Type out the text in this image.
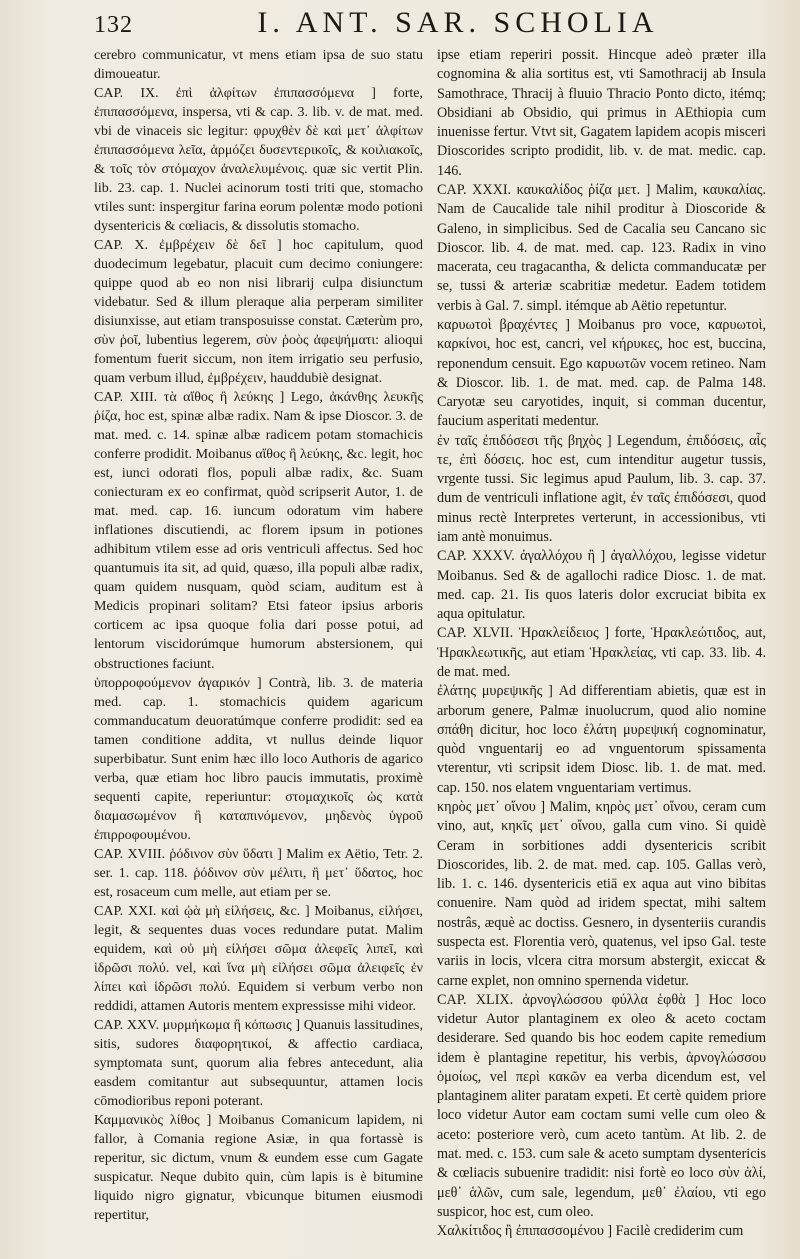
132	I. ANT. SAR. SCHOLIA

cerebro communicatur, vt mens etiam ipsa de suo statu dimoueatur.

CAP. IX. ἐπὶ ἀλφίτων ἐπιπασσόμενα ] forte, ἐπιπασσόμενα, inspersa, vti & cap. 3. lib. v. de mat. med. vbi de vinaceis sic legitur: φρυχθὲν δὲ καὶ μετ᾽ ἀλφίτων ἐπιπασσόμενα λεῖα, ἁρμόζει δυσεντερικοῖς, & κοιλιακοῖς, & τοῖς τὸν στόμαχον ἀναλελυμένοις. quæ sic vertit Plin. lib. 23. cap. 1. Nuclei acinorum tosti triti que, stomacho vtiles sunt: inspergitur farina eorum polentæ modo potioni dysentericis & cœliacis, & dissolutis stomacho.

CAP. X. ἐμβρέχειν δὲ δεῖ ] hoc capitulum, quod duodecimum legebatur, placuit cum decimo coniungere: quippe quod ab eo non nisi librarij culpa disiunctum videbatur. Sed & illum pleraque alia perperam similiter disiunxisse, aut etiam transposuisse constat. Cæterùm pro, σὺν ῥοῖ, lubentius legerem, σὺν ῥοὸς ἀφεψήματι: alioqui fomentum fuerit siccum, non item irrigatio seu perfusio, quam verbum illud, ἐμβρέχειν, hauddubiè designat.

CAP. XIII. τὰ αἴθος ἢ λεύκης ] Lego, ἀκάνθης λευκῆς ῥίζα, hoc est, spinæ albæ radix. Nam & ipse Dioscor. 3. de mat. med. c. 14. spinæ albæ radicem potam stomachicis conferre prodidit. Moibanus αἴθος ἢ λεύκης, &c. legit, hoc est, iunci odorati flos, populi albæ radix, &c. Suam coniecturam ex eo confirmat, quòd scripserit Autor, 1. de mat. med. cap. 16. iuncum odoratum vim habere inflationes discutiendi, ac florem ipsum in potiones adhibitum vtilem esse ad oris ventriculi affectus. Sed hoc quantumuis ita sit, ad quid, quæso, illa populi albæ radix, quam quidem nusquam, quòd sciam, auditum est à Medicis propinari solitam? Etsi fateor ipsius arboris corticem ac ipsa quoque folia dari posse potui, ad lentorum viscidorúmque humorum abstersionem, qui obstructiones faciunt.

ὑπορροφούμενον ἀγαρικόν ] Contrà, lib. 3. de materia med. cap. 1. stomachicis quidem agaricum commanducatum deuoratúmque conferre prodidit: sed ea tamen conditione addita, vt nullus deinde liquor superbibatur. Sunt enim hæc illo loco Authoris de agarico verba, quæ etiam hoc libro paucis immutatis, proximè sequenti capite, reperiuntur: στομαχικοῖς ὡς κατὰ διαμασωμένον ἢ καταπινόμενον, μηδενὸς ὑγροῦ ἐπιρροφουμένου.

CAP. XVIII. ῥόδινον σὺν ὕδατι ] Malim ex Aëtio, Tetr. 2. ser. 1. cap. 118. ῥόδινον σὺν μέλιτι, ἢ μετ᾽ ὕδατος, hoc est, rosaceum cum melle, aut etiam per se.

CAP. XXI. καὶ ᾠὰ μὴ εἰλήσεις, &c. ] Moibanus, εἰλήσει, legit, & sequentes duas voces redundare putat. Malim equidem, καὶ οὐ μὴ εἰλήσει σῶμα ἀλεφεῖς λιπεῖ, καὶ ἱδρῶσι πολύ. vel, καὶ ἵνα μὴ εἰλήσει σῶμα ἀλειφεῖς ἐν λίπει καὶ ἱδρῶσι πολύ. Equidem si verbum verbo non reddidi, attamen Autoris mentem expressisse mihi videor.

CAP. XXV. μυρμήκωμα ἢ κόπωσις ] Quanuis lassitudines, sitis, sudores διαφορητικοί, & affectio cardiaca, symptomata sunt, quorum alia febres antecedunt, alia easdem comitantur aut subsequuntur, attamen locis cōmodioribus reponi poterant.

Καμμανικὸς λίθος ] Moibanus Comanicum lapidem, ni fallor, à Comania regione Asiæ, in qua fortassè is reperitur, sic dictum, vnum & eundem esse cum Gagate suspicatur. Neque dubito quin, cùm lapis is è bitumine liquido nigro gignatur, vbicunque bitumen eiusmodi repertitur,

ipse etiam reperiri possit. Hincque adeò præter illa cognomina & alia sortitus est, vti Samothracij ab Insula Samothrace, Thracij à fluuio Thracio Ponto dicto, itémq; Obsidiani ab Obsidio, qui primus in AEthiopia cum inuenisse fertur. Vtvt sit, Gagatem lapidem acopis misceri Dioscorides scripto prodidit, lib. v. de mat. medic. cap. 146.

CAP. XXXI. καυκαλίδος ῥίζα μετ. ] Malim, καυκαλίας. Nam de Caucalide tale nihil proditur à Dioscoride & Galeno, in simplicibus. Sed de Cacalia seu Cancano sic Dioscor. lib. 4. de mat. med. cap. 123. Radix in vino macerata, ceu tragacantha, & delicta commanducatæ per se, tussi & arteriæ scabritiæ medetur. Eadem totidem verbis à Gal. 7. simpl. itémque ab Aëtio repetuntur.

καρυωτοὶ βραχέντες ] Moibanus pro voce, καρυωτοὶ, καρκίνοι, hoc est, cancri, vel κήρυκες, hoc est, buccina, reponendum censuit. Ego καρυωτῶν vocem retineo. Nam & Dioscor. lib. 1. de mat. med. cap. de Palma 148. Caryotæ seu caryotides, inquit, si comman ducentur, faucium asperitati medentur.

ἐν ταῖς ἐπιδόσεσι τῆς βηχὸς ] Legendum, ἐπιδόσεις, αἷς τε, ἐπὶ δόσεις. hoc est, cum intenditur augetur tussis, vrgente tussi. Sic legimus apud Paulum, lib. 3. cap. 37. dum de ventriculi inflatione agit, ἐν ταῖς ἐπιδόσεσι, quod minus rectè Interpretes verterunt, in accessionibus, vti iam antè monuimus.

CAP. XXXV. ἀγαλλόχου ἢ ] ἀγαλλόχου, legisse videtur Moibanus. Sed & de agallochi radice Diosc. 1. de mat. med. cap. 21. Iis quos lateris dolor excruciat bibita ex aqua opitulatur.

CAP. XLVII. Ἡρακλείδειος ] forte, Ἡρακλεώτιδος, aut, Ἡρακλεωτικῆς, aut etiam Ἡρακλείας, vti cap. 33. lib. 4. de mat. med.

ἐλάτης μυρεψικῆς ] Ad differentiam abietis, quæ est in arborum genere, Palmæ inuolucrum, quod alio nomine σπάθη dicitur, hoc loco ἐλάτη μυρεψική cognominatur, quòd vnguentarij eo ad vnguentorum spissamenta vterentur, vti scripsit idem Diosc. lib. 1. de mat. med. cap. 150. nos elatem vnguentariam vertimus.

κηρὸς μετ᾽ οἴνου ] Malim, κηρὸς μετ᾽ οἴνου, ceram cum vino, aut, κηκῖς μετ᾽ οἴνου, galla cum vino. Si quidè Ceram in sorbitiones addi dysentericis scribit Dioscorides, lib. 2. de mat. med. cap. 105. Gallas verò, lib. 1. c. 146. dysentericis etiā ex aqua aut vino bibitas conuenire. Nam quòd ad iridem spectat, mihi saltem nostrâs, æquè ac doctiss. Gesnero, in dysenteriis curandis suspecta est. Florentia verò, quatenus, vel ipso Gal. teste variis in locis, vlcera citra morsum abstergit, exiccat & carne explet, non omnino spernenda videtur.

CAP. XLIX. ἀρνογλώσσου φύλλα ἑφθὰ ] Hoc loco videtur Autor plantaginem ex oleo & aceto coctam desiderare. Sed quando bis hoc eodem capite remedium idem è plantagine repetitur, his verbis, ἀρνογλώσσου ὁμοίως, vel περὶ κακῶν ea verba dicendum est, vel plantaginem aliter paratam expeti. Et certè quidem priore loco videtur Autor eam coctam sumi velle cum oleo & aceto: posteriore verò, cum aceto tantùm. At lib. 2. de mat. med. c. 153. cum sale & aceto sumptam dysentericis & cœliacis subuenire tradidit: nisi fortè eo loco σὺν ἁλί, μεθ᾽ ἁλῶν, cum sale, legendum, μεθ᾽ ἐλαίου, vti ego suspicor, hoc est, cum oleo.

Χαλκίτιδος ἢ ἐπιπασσομένου ] Facilè crediderim cum
